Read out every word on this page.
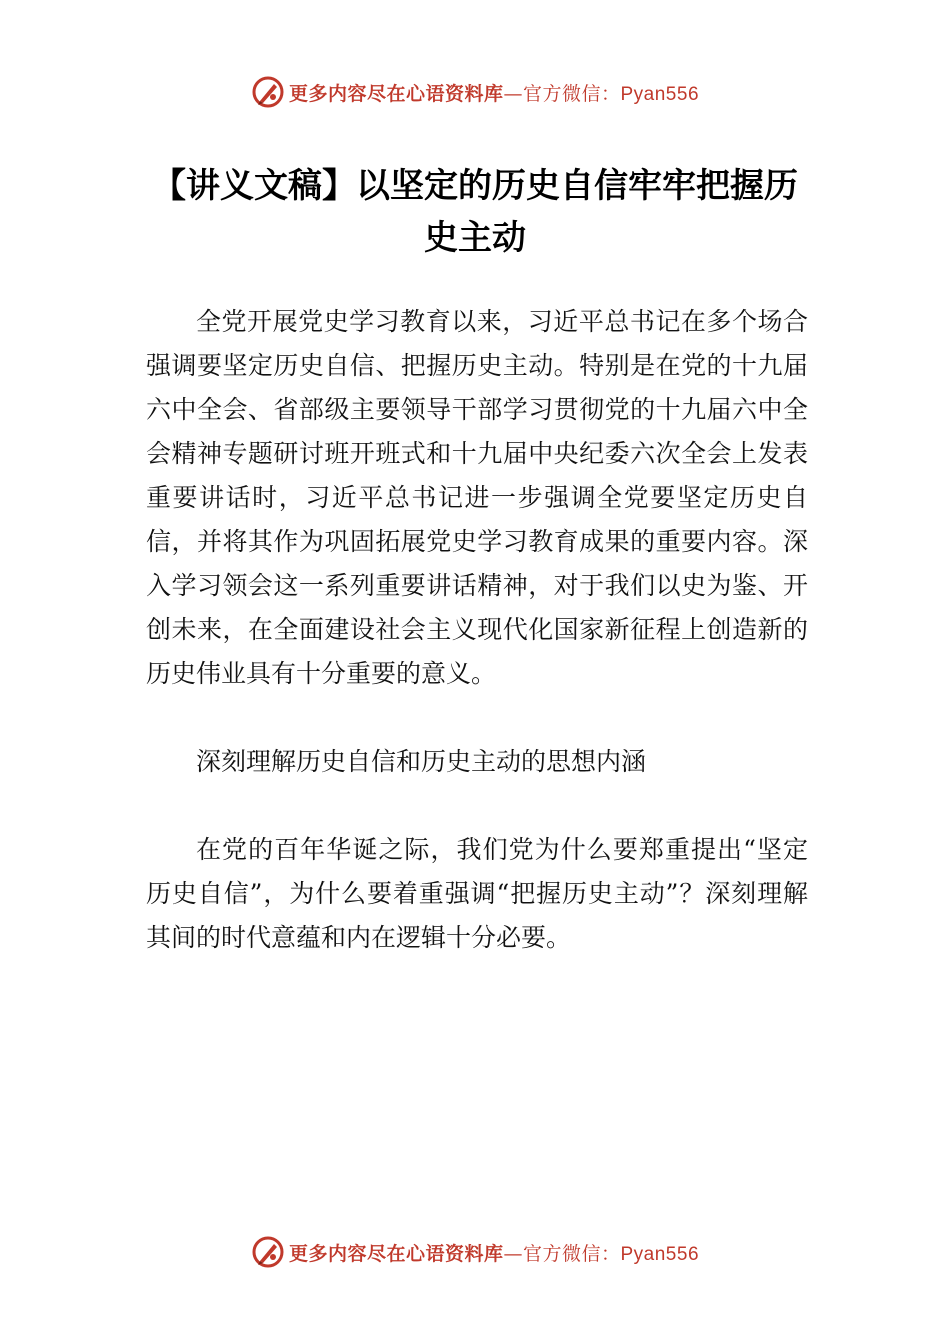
更多内容尽在心语资料库—官方微信：Pyan556
【讲义文稿】以坚定的历史自信牢牢把握历史主动

全党开展党史学习教育以来，习近平总书记在多个场合强调要坚定历史自信、把握历史主动。特别是在党的十九届六中全会、省部级主要领导干部学习贯彻党的十九届六中全会精神专题研讨班开班式和十九届中央纪委六次全会上发表重要讲话时，习近平总书记进一步强调全党要坚定历史自信，并将其作为巩固拓展党史学习教育成果的重要内容。深入学习领会这一系列重要讲话精神，对于我们以史为鉴、开创未来，在全面建设社会主义现代化国家新征程上创造新的历史伟业具有十分重要的意义。

深刻理解历史自信和历史主动的思想内涵

在党的百年华诞之际，我们党为什么要郑重提出“坚定历史自信”，为什么要着重强调“把握历史主动”？深刻理解其间的时代意蕴和内在逻辑十分必要。

更多内容尽在心语资料库—官方微信：Pyan556
